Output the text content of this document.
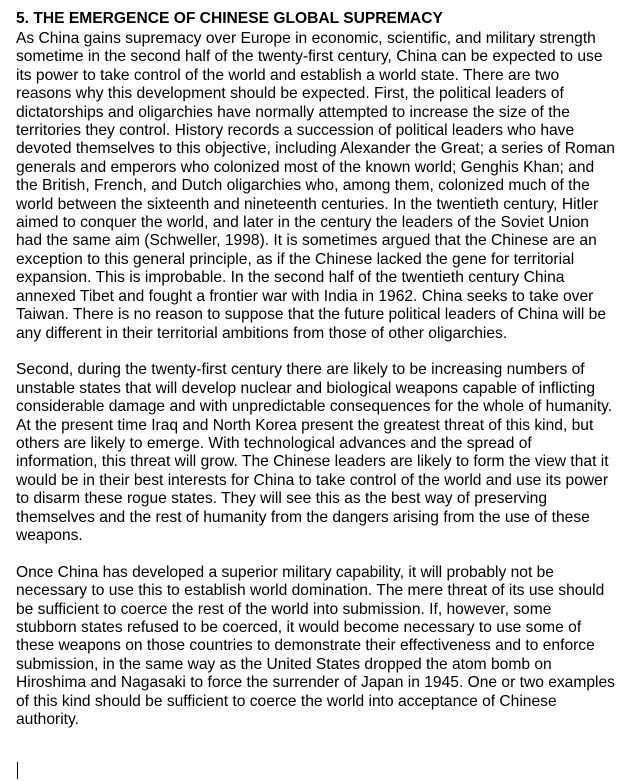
5. THE EMERGENCE OF CHINESE GLOBAL SUPREMACY

As China gains supremacy over Europe in economic, scientific, and military strength sometime in the second half of the twenty-first century, China can be expected to use its power to take control of the world and establish a world state. There are two reasons why this development should be expected. First, the political leaders of dictatorships and oligarchies have normally attempted to increase the size of the territories they control. History records a succession of political leaders who have devoted themselves to this objective, including Alexander the Great; a series of Roman generals and emperors who colonized most of the known world; Genghis Khan; and the British, French, and Dutch oligarchies who, among them, colonized much of the world between the sixteenth and nineteenth centuries. In the twentieth century, Hitler aimed to conquer the world, and later in the century the leaders of the Soviet Union had the same aim (Schweller, 1998). It is sometimes argued that the Chinese are an exception to this general principle, as if the Chinese lacked the gene for territorial expansion. This is improbable. In the second half of the twentieth century China annexed Tibet and fought a frontier war with India in 1962. China seeks to take over Taiwan. There is no reason to suppose that the future political leaders of China will be any different in their territorial ambitions from those of other oligarchies.

Second, during the twenty-first century there are likely to be increasing numbers of unstable states that will develop nuclear and biological weapons capable of inflicting considerable damage and with unpredictable consequences for the whole of humanity. At the present time Iraq and North Korea present the greatest threat of this kind, but others are likely to emerge. With technological advances and the spread of information, this threat will grow. The Chinese leaders are likely to form the view that it would be in their best interests for China to take control of the world and use its power to disarm these rogue states. They will see this as the best way of preserving themselves and the rest of humanity from the dangers arising from the use of these weapons.

Once China has developed a superior military capability, it will probably not be necessary to use this to establish world domination. The mere threat of its use should be sufficient to coerce the rest of the world into submission. If, however, some stubborn states refused to be coerced, it would become necessary to use some of these weapons on those countries to demonstrate their effectiveness and to enforce submission, in the same way as the United States dropped the atom bomb on Hiroshima and Nagasaki to force the surrender of Japan in 1945. One or two examples of this kind should be sufficient to coerce the world into acceptance of Chinese authority.
